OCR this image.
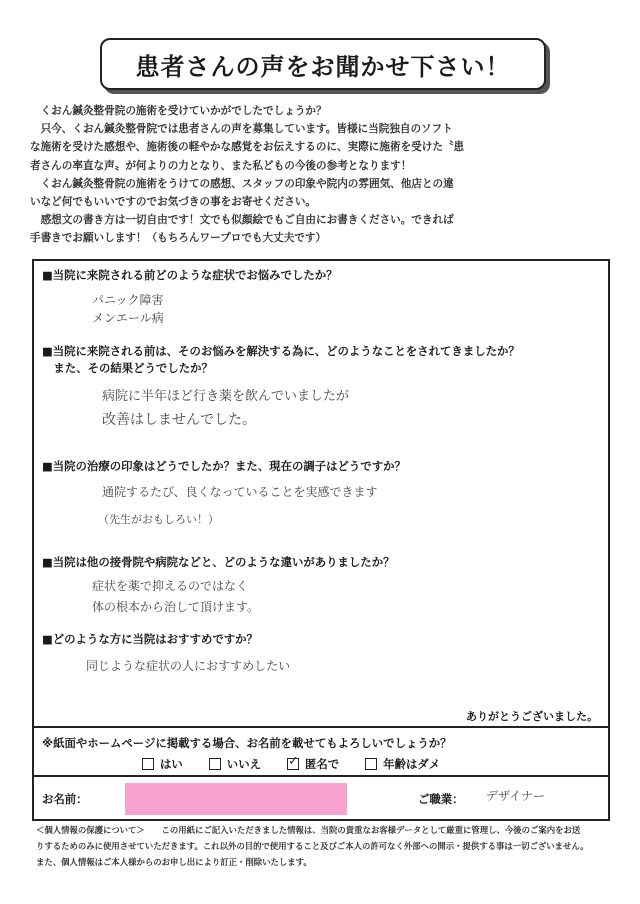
患者さんの声をお聞かせ下さい！

　くおん鍼灸整骨院の施術を受けていかがでしたでしょうか？

　只今、くおん鍼灸整骨院では患者さんの声を募集しています。皆様に当院独自のソフト

な施術を受けた感想や、施術後の軽やかな感覚をお伝えするのに、実際に施術を受けた〝患

者さんの率直な声〟が何よりの力となり、また私どもの今後の参考となります！

　くおん鍼灸整骨院の施術をうけての感想、スタッフの印象や院内の雰囲気、他店との違

いなど何でもいいですのでお気づきの事をお寄せください。

　感想文の書き方は一切自由です！文でも似顔絵でもご自由にお書きください。できれば

手書きでお願いします！（もちろんワープロでも大丈夫です）

■当院に来院される前どのような症状でお悩みでしたか？
パニック障害
メンエール病
■当院に来院される前は、そのお悩みを解決する為に、どのようなことをされてきましたか？
　また、その結果どうでしたか？
病院に半年ほど行き薬を飲んでいましたが
改善はしませんでした。
■当院の治療の印象はどうでしたか？また、現在の調子はどうですか？
通院するたび、良くなっていることを実感できます
（先生がおもしろい！）
■当院は他の接骨院や病院などと、どのような違いがありましたか？
症状を薬で抑えるのではなく
体の根本から治して頂けます。
■どのような方に当院はおすすめですか？
同じような症状の人におすすめしたい
ありがとうございました。
※紙面やホームページに掲載する場合、お名前を載せてもよろしいでしょうか？
はい	いいえ
✓	匿名で	年齢はダメ
お名前：	ご職業： デザイナー

＜個人情報の保護について＞　　この用紙にご記入いただきました情報は、当院の貴重なお客様データとして厳重に管理し、今後のご案内をお送

りするためのみに使用させていただきます。これ以外の目的で使用すること及びご本人の許可なく外部への開示・提供する事は一切ございません。

また、個人情報はご本人様からのお申し出により訂正・削除いたします。
